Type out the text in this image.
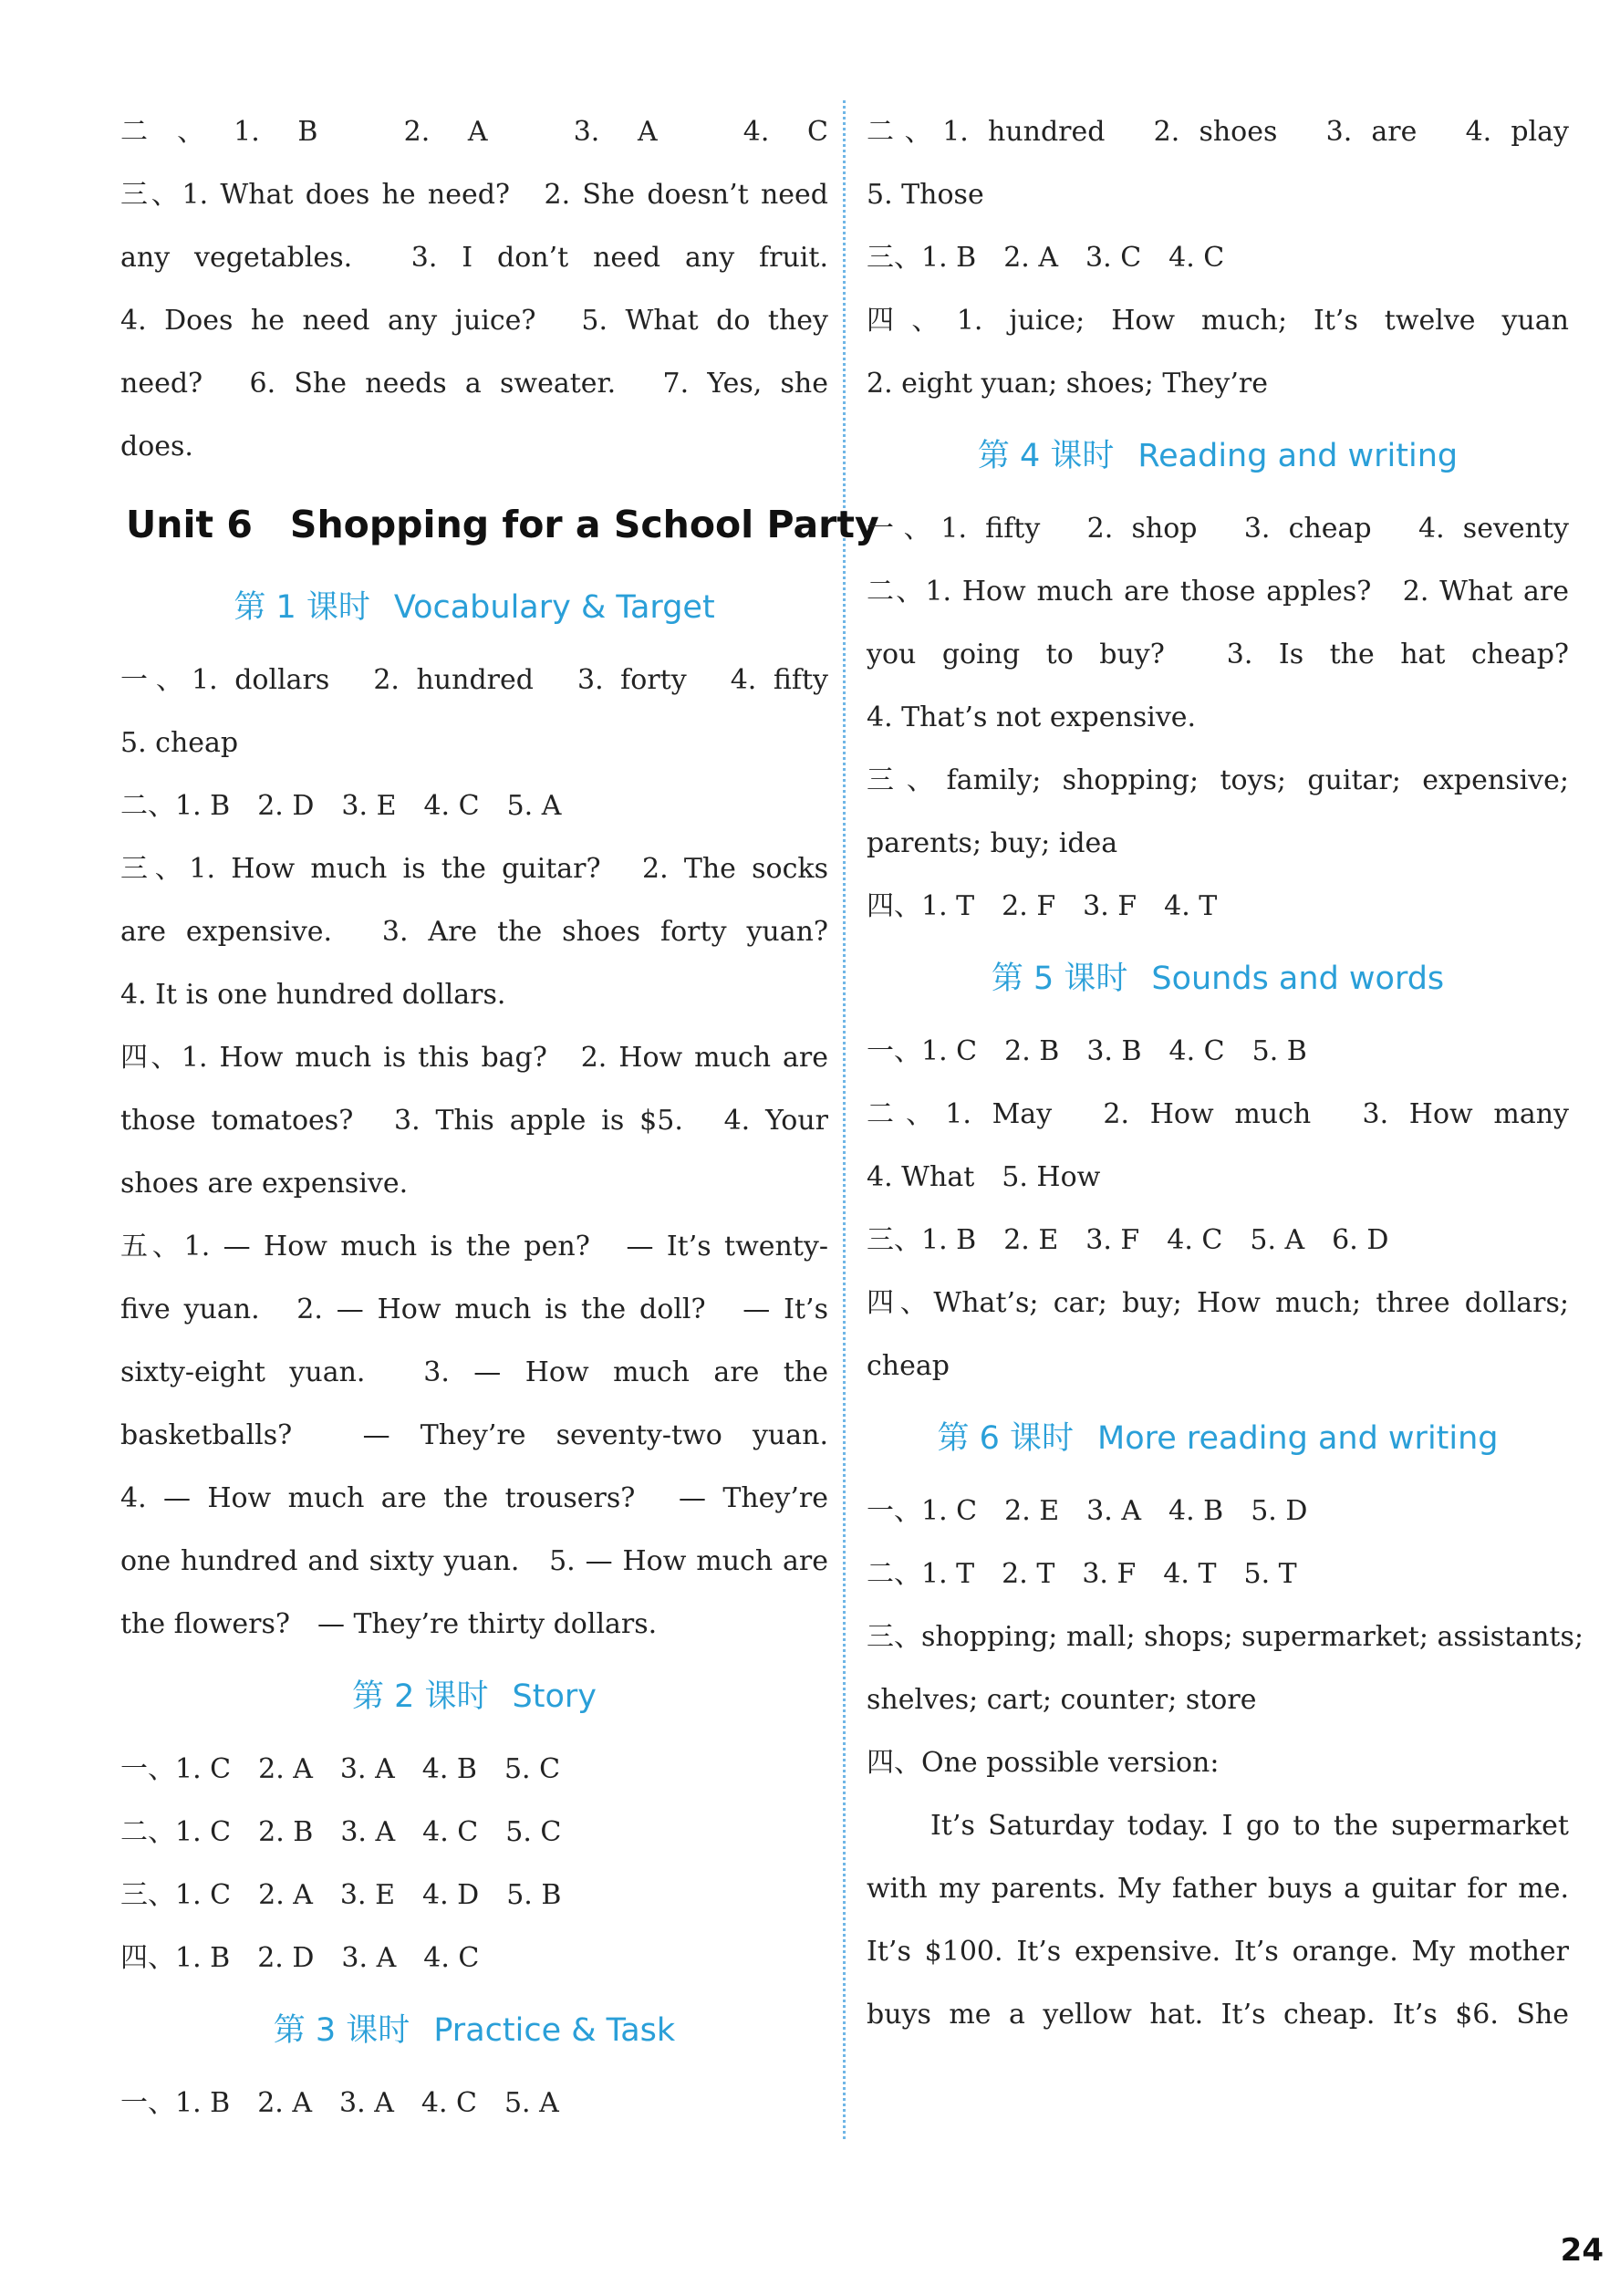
二、1. B　2. A　3. A　4. C
三、1. What does he need?　2. She doesn’t need
any vegetables.　3. I don’t need any fruit.
4. Does he need any juice?　5. What do they
need?　6. She needs a sweater.　7. Yes, she
does.
Unit 6　Shopping for a School Party
第 1 课时 Vocabulary & Target
一、1. dollars　2. hundred　3. forty　4. fifty
5. cheap
二、1. B　2. D　3. E　4. C　5. A
三、1. How much is the guitar?　2. The socks
are expensive.　3. Are the shoes forty yuan?
4. It is one hundred dollars.
四、1. How much is this bag?　2. How much are
those tomatoes?　3. This apple is $5.　4. Your
shoes are expensive.
五、1. — How much is the pen?　— It’s twenty-
five yuan.　2. — How much is the doll?　— It’s
sixty-eight yuan.　3. — How much are the
basketballs?　— They’re seventy-two yuan.
4. — How much are the trousers?　— They’re
one hundred and sixty yuan.　5. — How much are
the flowers?　— They’re thirty dollars.
第 2 课时 Story
一、1. C　2. A　3. A　4. B　5. C
二、1. C　2. B　3. A　4. C　5. C
三、1. C　2. A　3. E　4. D　5. B
四、1. B　2. D　3. A　4. C
第 3 课时 Practice & Task
一、1. B　2. A　3. A　4. C　5. A
二、1. hundred　2. shoes　3. are　4. play
5. Those
三、1. B　2. A　3. C　4. C
四、1. juice; How much; It’s twelve yuan
2. eight yuan; shoes; They’re
第 4 课时 Reading and writing
一、1. fifty　2. shop　3. cheap　4. seventy
二、1. How much are those apples?　2. What are
you going to buy?　3. Is the hat cheap?
4. That’s not expensive.
三、family; shopping; toys; guitar; expensive;
parents; buy; idea
四、1. T　2. F　3. F　4. T
第 5 课时 Sounds and words
一、1. C　2. B　3. B　4. C　5. B
二、1. May　2. How much　3. How many
4. What　5. How
三、1. B　2. E　3. F　4. C　5. A　6. D
四、What’s; car; buy; How much; three dollars;
cheap
第 6 课时 More reading and writing
一、1. C　2. E　3. A　4. B　5. D
二、1. T　2. T　3. F　4. T　5. T
三、shopping; mall; shops; supermarket; assistants;
shelves; cart; counter; store
四、One possible version:
It’s Saturday today. I go to the supermarket
with my parents. My father buys a guitar for me.
It’s $100. It’s expensive. It’s orange. My mother
buys me a yellow hat. It’s cheap. It’s $6. She
24
